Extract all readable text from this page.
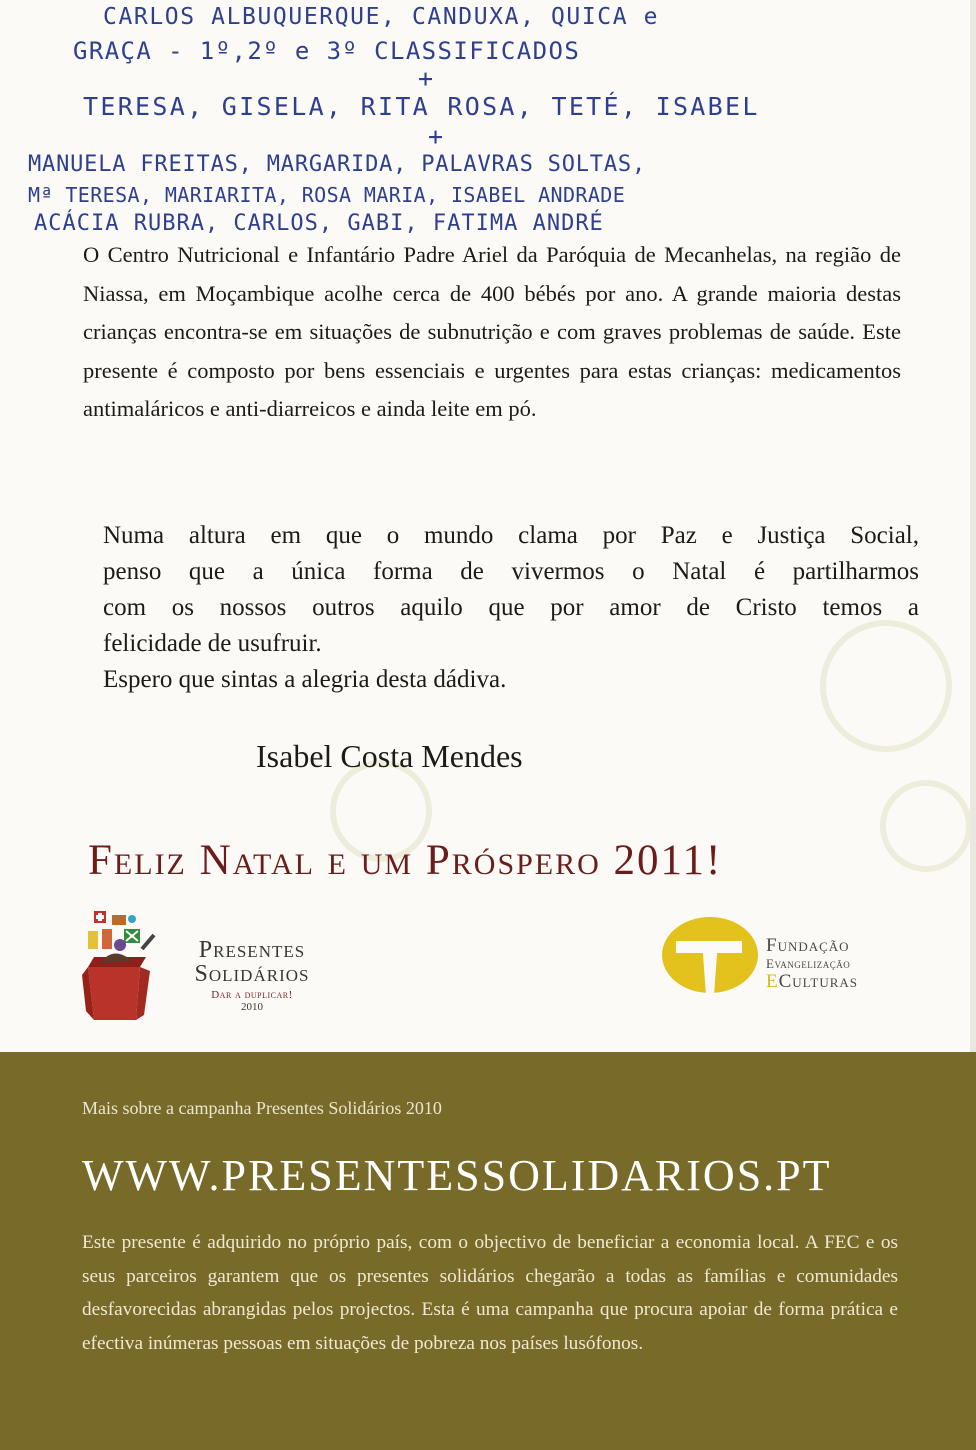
CARLOS ALBUQUERQUE, CANDUXA, QUICA e
GRAÇA - 1º,2º e 3º CLASSIFICADOS
+
TERESA, GISELA, RITA ROSA, TETÉ, ISABEL
+
MANUELA FREITAS, MARGARIDA, PALAVRAS SOLTAS,
Mª TERESA, MARIARITA, ROSA MARIA, ISABEL ANDRADE
ACÁCIA RUBRA, CARLOS, GABI, FATIMA ANDRÉ
O Centro Nutricional e Infantário Padre Ariel da Paróquia de Mecanhelas, na região de Niassa, em Moçambique acolhe cerca de 400 bébés por ano. A grande maioria destas crianças encontra-se em situações de subnutrição e com graves problemas de saúde. Este presente é composto por bens essenciais e urgentes para estas crianças: medicamentos antimaláricos e anti-diarreicos e ainda leite em pó.
Numa altura em que o mundo clama por Paz e Justiça Social,
penso que a única forma de vivermos o Natal é partilharmos
com os nossos outros aquilo que por amor de Cristo temos a
felicidade de usufruir.
Espero que sintas a alegria desta dádiva.
Isabel Costa Mendes
Feliz Natal e um Próspero 2011!
Presentes
Solidários
Dar a duplicar!
2010
Fundação
Evangelização
ECulturas
Mais sobre a campanha Presentes Solidários 2010
WWW.PRESENTESSOLIDARIOS.PT
Este presente é adquirido no próprio país, com o objectivo de beneficiar a economia local. A FEC e os seus parceiros garantem que os presentes solidários chegarão a todas as famílias e comunidades desfavorecidas abrangidas pelos projectos. Esta é uma campanha que procura apoiar de forma prática e efectiva inúmeras pessoas em situações de pobreza nos países lusófonos.
